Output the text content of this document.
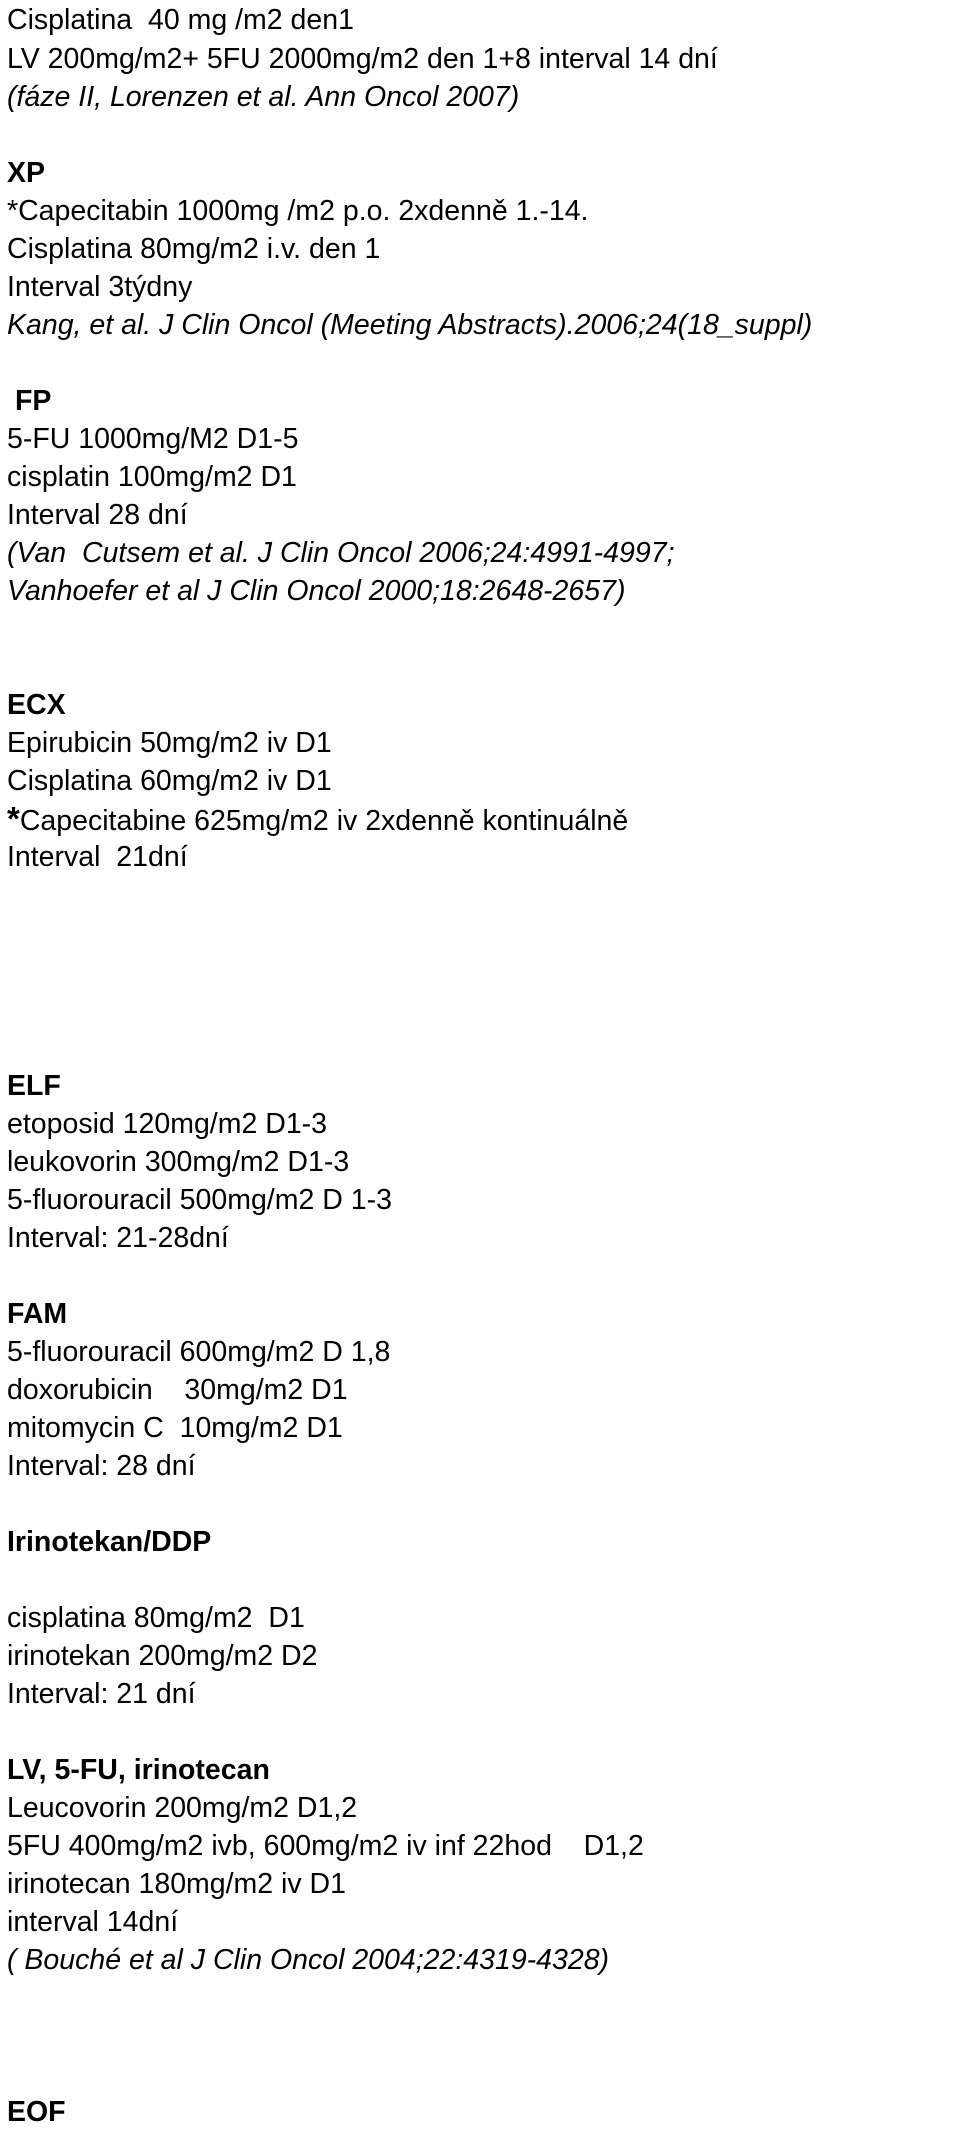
Cisplatina  40 mg /m2 den1
LV 200mg/m2+ 5FU 2000mg/m2 den 1+8 interval 14 dní
(fáze II, Lorenzen et al. Ann Oncol 2007)
XP
*Capecitabin 1000mg /m2 p.o. 2xdenně 1.-14.
Cisplatina 80mg/m2 i.v. den 1
Interval 3týdny
Kang, et al. J Clin Oncol (Meeting Abstracts).2006;24(18_suppl)
FP
5-FU 1000mg/M2 D1-5
cisplatin 100mg/m2 D1
Interval 28 dní
(Van  Cutsem et al. J Clin Oncol 2006;24:4991-4997;
Vanhoefer et al J Clin Oncol 2000;18:2648-2657)
ECX
Epirubicin 50mg/m2 iv D1
Cisplatina 60mg/m2 iv D1
*Capecitabine 625mg/m2 iv 2xdenně kontinuálně
Interval  21dní
ELF
etoposid 120mg/m2 D1-3
leukovorin 300mg/m2 D1-3
5-fluorouracil 500mg/m2 D 1-3
Interval: 21-28dní
FAM
5-fluorouracil 600mg/m2 D 1,8
doxorubicin    30mg/m2 D1
mitomycin C  10mg/m2 D1
Interval: 28 dní
Irinotekan/DDP
cisplatina 80mg/m2  D1
irinotekan 200mg/m2 D2
Interval: 21 dní
LV, 5-FU, irinotecan
Leucovorin 200mg/m2 D1,2
5FU 400mg/m2 ivb, 600mg/m2 iv inf 22hod    D1,2
irinotecan 180mg/m2 iv D1
interval 14dní
( Bouché et al J Clin Oncol 2004;22:4319-4328)
EOF
